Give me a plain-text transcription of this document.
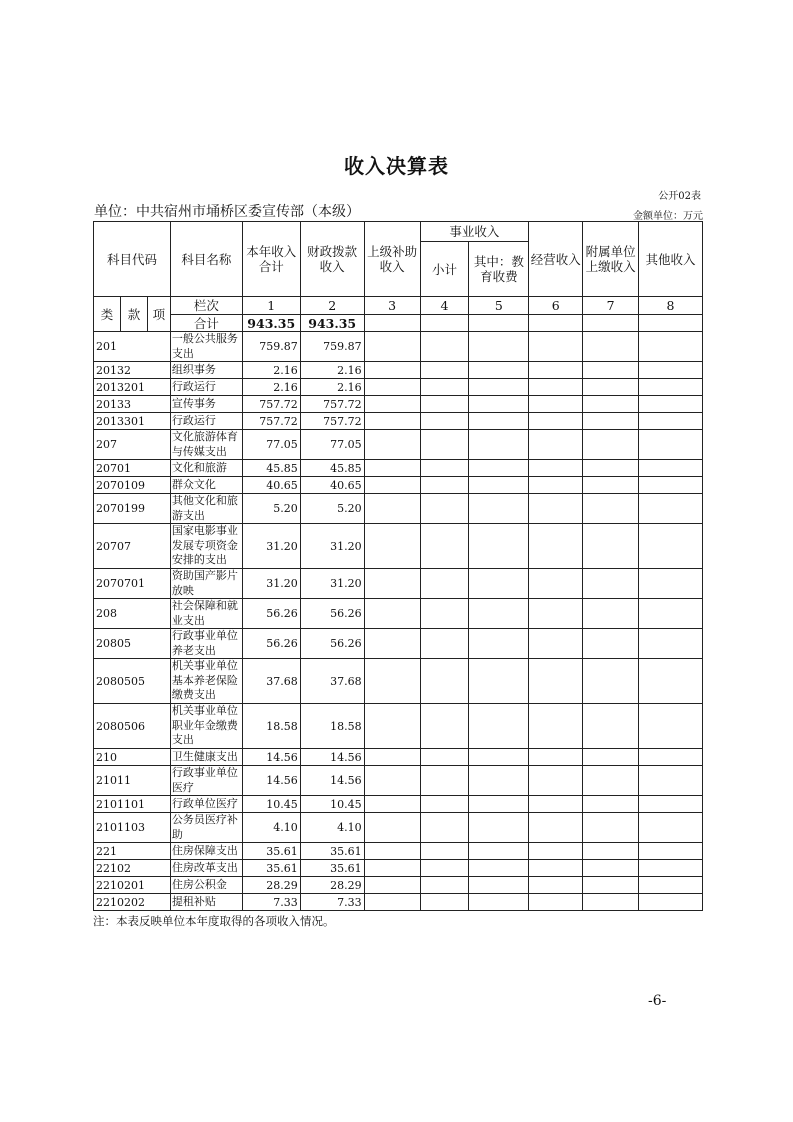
收入决算表
公开02表
单位：中共宿州市埇桥区委宣传部（本级）	金额单位：万元
科目代码			科目名称	本年收入合计	财政拨款收入	上级补助收入	事业收入		经营收入	附属单位上缴收入	其他收入
							小计	其中：教育收费			
类	款	项	栏次	1	2	3	4	5	6	7	8
			合计	943.35	943.35						
201			一般公共服务支出	759.87	759.87						
20132			组织事务	2.16	2.16						
2013201			行政运行	2.16	2.16						
20133			宣传事务	757.72	757.72						
2013301			行政运行	757.72	757.72						
207			文化旅游体育与传媒支出	77.05	77.05						
20701			文化和旅游	45.85	45.85						
2070109			群众文化	40.65	40.65						
2070199			其他文化和旅游支出	5.20	5.20						
20707			国家电影事业发展专项资金安排的支出	31.20	31.20						
2070701			资助国产影片放映	31.20	31.20						
208			社会保障和就业支出	56.26	56.26						
20805			行政事业单位养老支出	56.26	56.26						
2080505			机关事业单位基本养老保险缴费支出	37.68	37.68						
2080506			机关事业单位职业年金缴费支出	18.58	18.58						
210			卫生健康支出	14.56	14.56						
21011			行政事业单位医疗	14.56	14.56						
2101101			行政单位医疗	10.45	10.45						
2101103			公务员医疗补助	4.10	4.10						
221			住房保障支出	35.61	35.61						
22102			住房改革支出	35.61	35.61						
2210201			住房公积金	28.29	28.29						
2210202			提租补贴	7.33	7.33						
注：本表反映单位本年度取得的各项收入情况。
-6-
